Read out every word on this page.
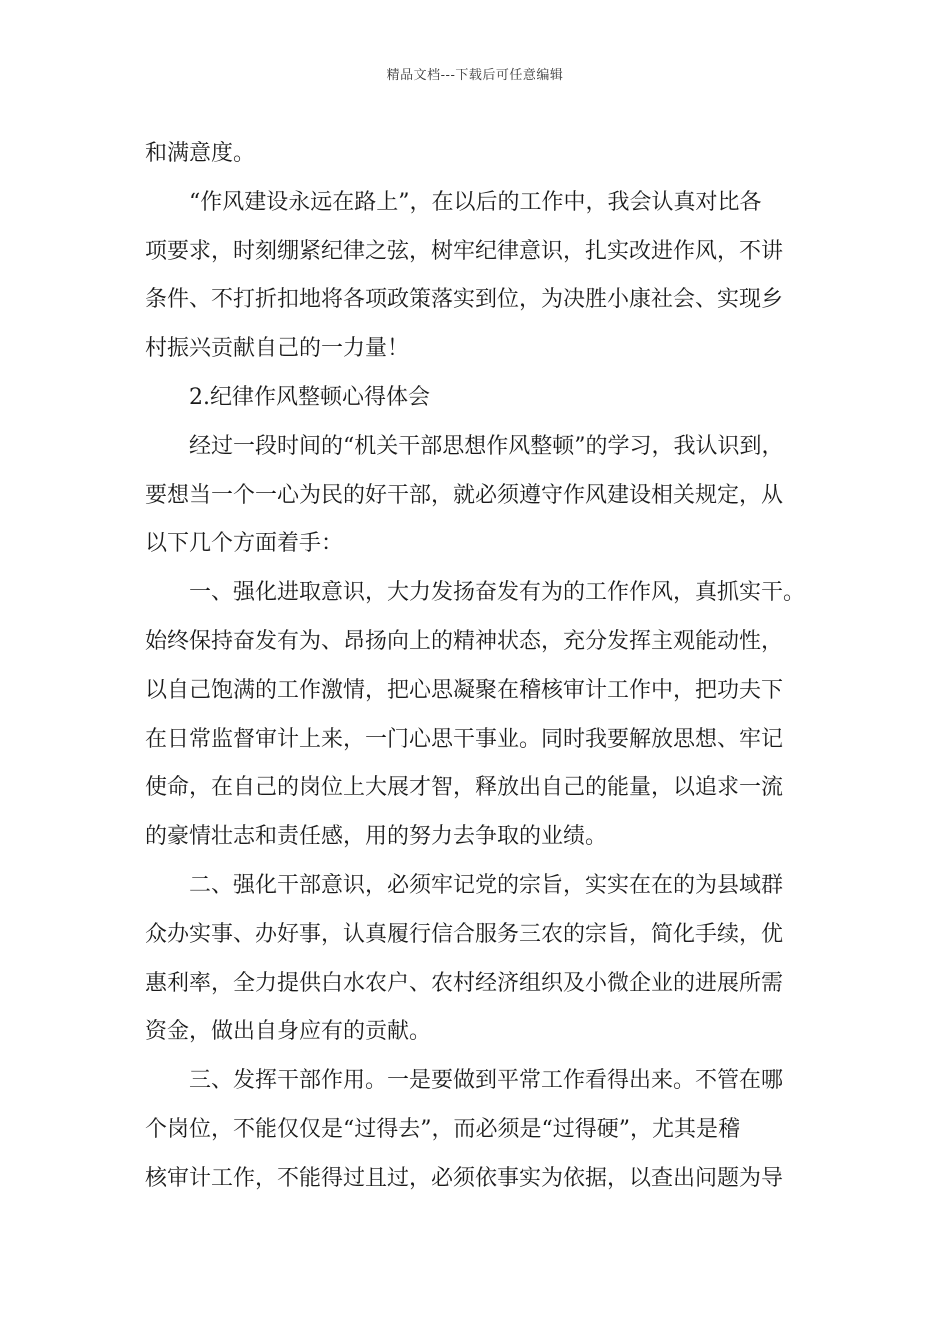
精品文档---下载后可任意编辑
和满意度。
“作风建设永远在路上”，在以后的工作中，我会认真对比各
项要求，时刻绷紧纪律之弦，树牢纪律意识，扎实改进作风，不讲
条件、不打折扣地将各项政策落实到位，为决胜小康社会、实现乡
村振兴贡献自己的一力量！
2.纪律作风整顿心得体会
经过一段时间的“机关干部思想作风整顿”的学习，我认识到，
要想当一个一心为民的好干部，就必须遵守作风建设相关规定，从
以下几个方面着手：
一、强化进取意识，大力发扬奋发有为的工作作风，真抓实干。
始终保持奋发有为、昂扬向上的精神状态，充分发挥主观能动性，
以自己饱满的工作激情，把心思凝聚在稽核审计工作中，把功夫下
在日常监督审计上来，一门心思干事业。同时我要解放思想、牢记
使命，在自己的岗位上大展才智，释放出自己的能量，以追求一流
的豪情壮志和责任感，用的努力去争取的业绩。
二、强化干部意识，必须牢记党的宗旨，实实在在的为县域群
众办实事、办好事，认真履行信合服务三农的宗旨，简化手续，优
惠利率，全力提供白水农户、农村经济组织及小微企业的进展所需
资金，做出自身应有的贡献。
三、发挥干部作用。一是要做到平常工作看得出来。不管在哪
个岗位，不能仅仅是“过得去”，而必须是“过得硬”，尤其是稽
核审计工作，不能得过且过，必须依事实为依据，以查出问题为导
